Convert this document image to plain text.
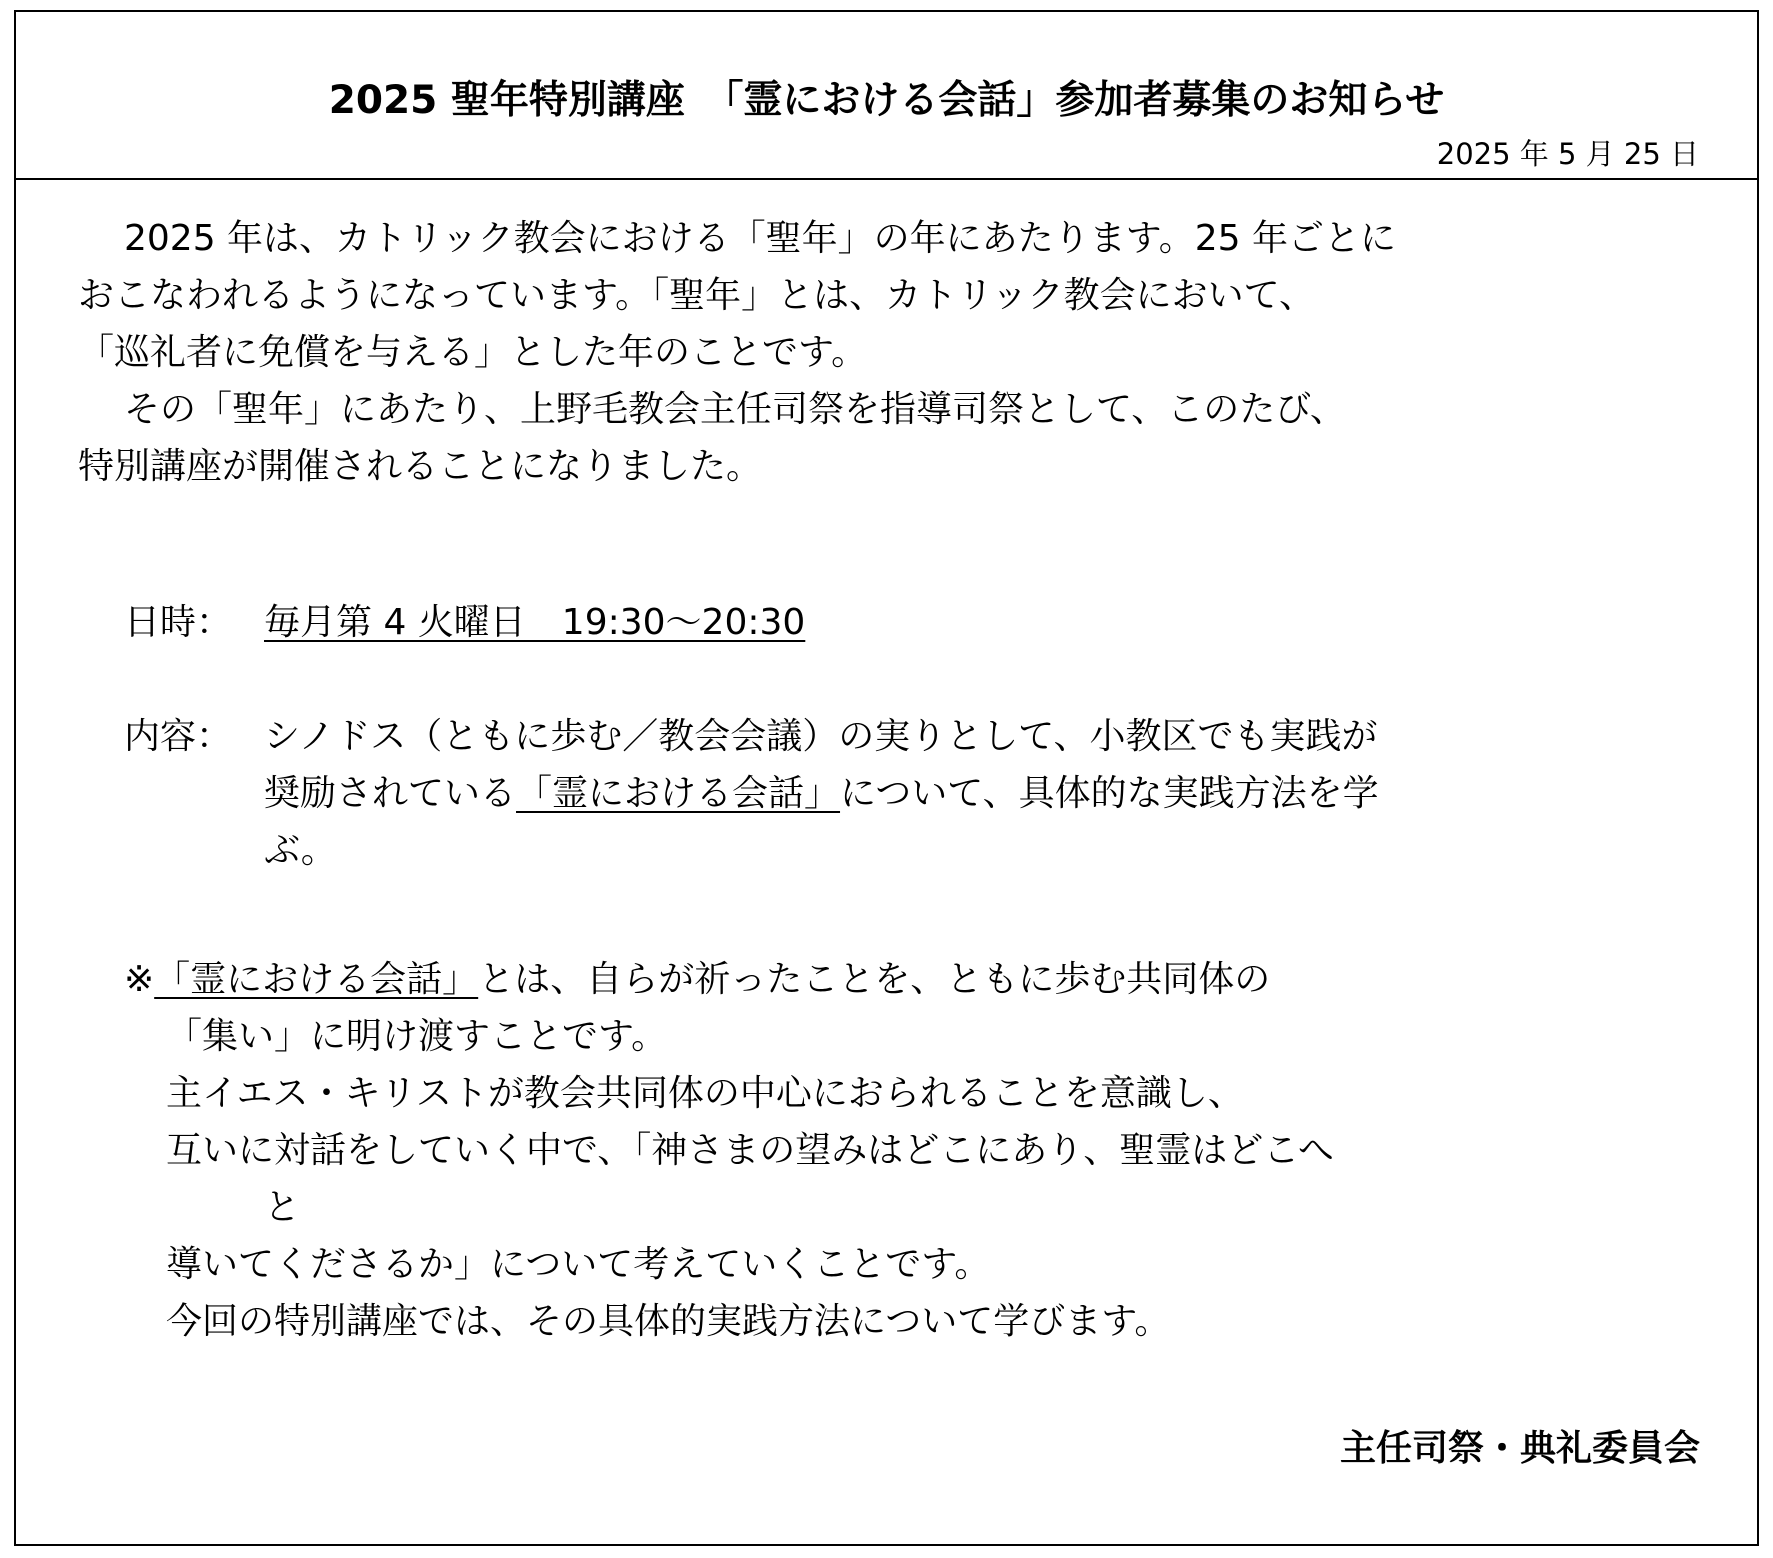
2025 聖年特別講座　「霊における会話」参加者募集のお知らせ
2025 年 5 月 25 日
2025 年は、カトリック教会における「聖年」の年にあたります。25 年ごとに
おこなわれるようになっています。「聖年」とは、カトリック教会において、
「巡礼者に免償を与える」とした年のことです。
その「聖年」にあたり、上野毛教会主任司祭を指導司祭として、このたび、
特別講座が開催されることになりました。
日時： 毎月第 4 火曜日　19:30〜20:30
内容： シノドス（ともに歩む／教会会議）の実りとして、小教区でも実践が
奨励されている「霊における会話」について、具体的な実践方法を学
ぶ。
※「霊における会話」とは、自らが祈ったことを、ともに歩む共同体の
「集い」に明け渡すことです。
主イエス・キリストが教会共同体の中心におられることを意識し、
互いに対話をしていく中で、「神さまの望みはどこにあり、聖霊はどこへ
と
導いてくださるか」について考えていくことです。
今回の特別講座では、その具体的実践方法について学びます。
主任司祭・典礼委員会
